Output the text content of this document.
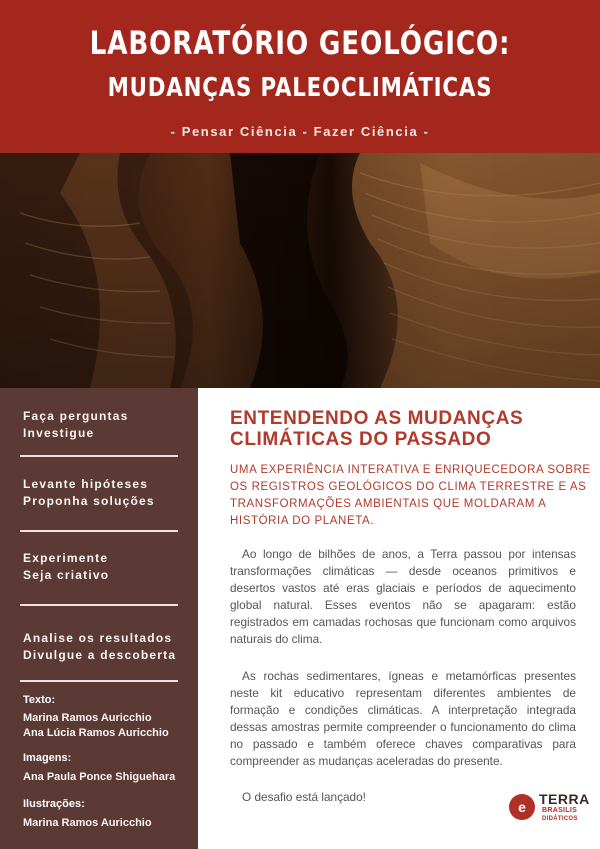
LABORATÓRIO GEOLÓGICO:
MUDANÇAS PALEOCLIMÁTICAS
- Pensar Ciência - Fazer Ciência -
Faça perguntas
Investigue
Levante hipóteses
Proponha soluções
Experimente
Seja criativo
Analise os resultados
Divulgue a descoberta
Texto:
Marina Ramos Auricchio
Ana Lúcia Ramos Auricchio
Imagens:
Ana Paula Ponce Shiguehara
Ilustrações:
Marina Ramos Auricchio
ENTENDENDO AS MUDANÇAS
CLIMÁTICAS DO PASSADO
UMA EXPERIÊNCIA INTERATIVA E ENRIQUECEDORA SOBRE OS REGISTROS GEOLÓGICOS DO CLIMA TERRESTRE E AS TRANSFORMAÇÕES AMBIENTAIS QUE MOLDARAM A HISTÓRIA DO PLANETA.
Ao longo de bilhões de anos, a Terra passou por intensas transformações climáticas — desde oceanos primitivos e desertos vastos até eras glaciais e períodos de aquecimento global natural. Esses eventos não se apagaram: estão registrados em camadas rochosas que funcionam como arquivos naturais do clima.
As rochas sedimentares, ígneas e metamórficas presentes neste kit educativo representam diferentes ambientes de formação e condições climáticas. A interpretação integrada dessas amostras permite compreender o funcionamento do clima no passado e também oferece chaves comparativas para compreender as mudanças aceleradas do presente.
O desafio está lançado!
e TERRA
BRASILIS
DIDÁTICOS
